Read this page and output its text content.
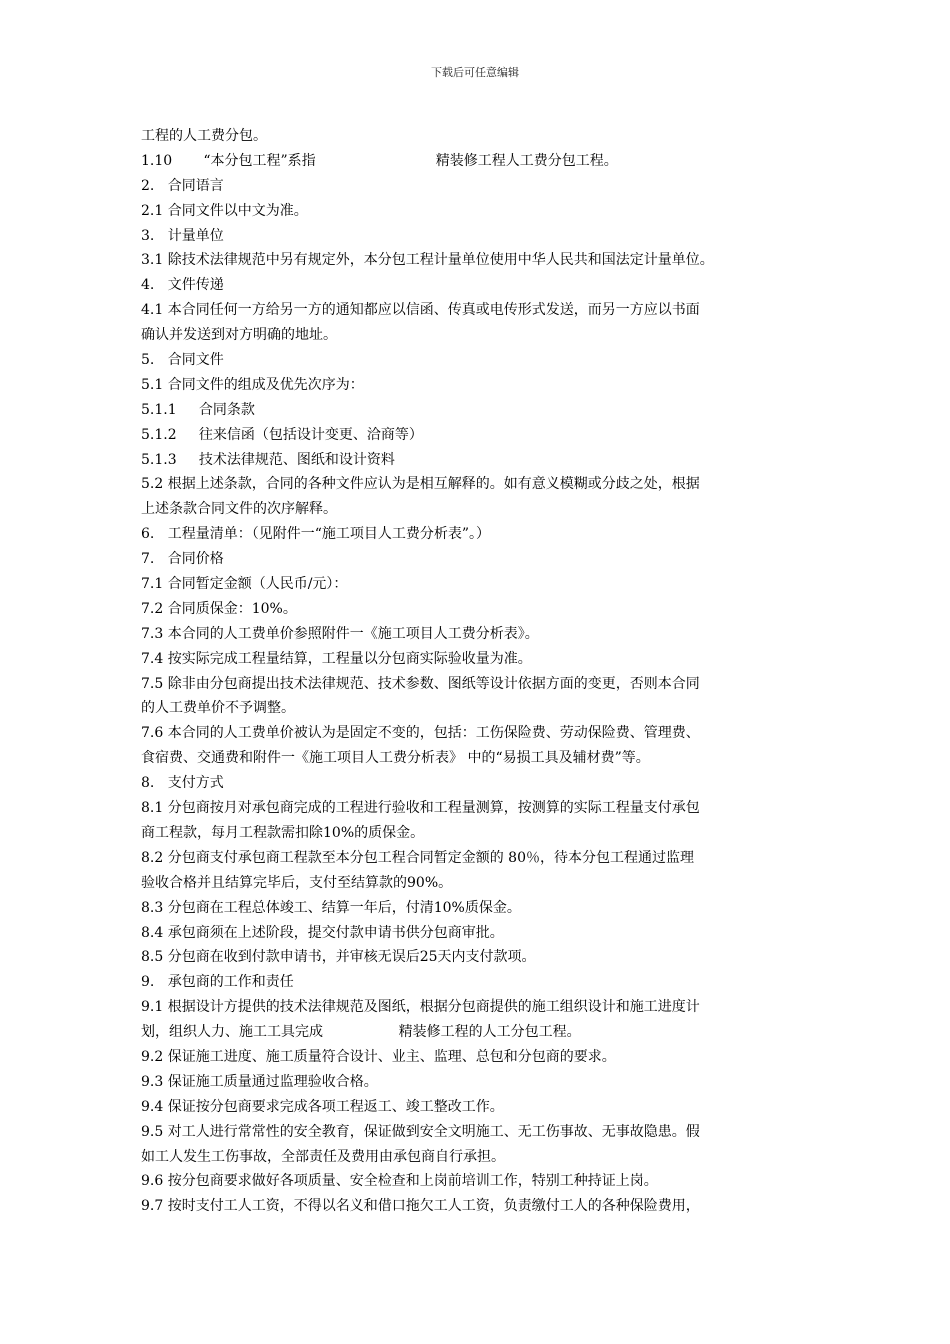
下载后可任意编辑
工程的人工费分包。
1.10       “本分包工程”系指                           精装修工程人工费分包工程。
2.   合同语言
2.1 合同文件以中文为准。
3.   计量单位
3.1 除技术法律规范中另有规定外，本分包工程计量单位使用中华人民共和国法定计量单位。
4.   文件传递
4.1 本合同任何一方给另一方的通知都应以信函、传真或电传形式发送，而另一方应以书面
确认并发送到对方明确的地址。
5.   合同文件
5.1 合同文件的组成及优先次序为：
5.1.1     合同条款
5.1.2     往来信函（包括设计变更、洽商等）
5.1.3     技术法律规范、图纸和设计资料
5.2 根据上述条款，合同的各种文件应认为是相互解释的。如有意义模糊或分歧之处，根据
上述条款合同文件的次序解释。
6.   工程量清单：（见附件一“施工项目人工费分析表”。）
7.   合同价格
7.1 合同暂定金额（人民币/元）：
7.2 合同质保金：10%。
7.3 本合同的人工费单价参照附件一《施工项目人工费分析表》。
7.4 按实际完成工程量结算，工程量以分包商实际验收量为准。
7.5 除非由分包商提出技术法律规范、技术参数、图纸等设计依据方面的变更，否则本合同
的人工费单价不予调整。
7.6 本合同的人工费单价被认为是固定不变的，包括：工伤保险费、劳动保险费、管理费、
食宿费、交通费和附件一《施工项目人工费分析表》 中的“易损工具及辅材费”等。
8.   支付方式
8.1 分包商按月对承包商完成的工程进行验收和工程量测算，按测算的实际工程量支付承包
商工程款，每月工程款需扣除10%的质保金。
8.2 分包商支付承包商工程款至本分包工程合同暂定金额的 80％，待本分包工程通过监理
验收合格并且结算完毕后，支付至结算款的90%。
8.3 分包商在工程总体竣工、结算一年后，付清10%质保金。
8.4 承包商须在上述阶段，提交付款申请书供分包商审批。
8.5 分包商在收到付款申请书，并审核无误后25天内支付款项。
9.   承包商的工作和责任
9.1 根据设计方提供的技术法律规范及图纸，根据分包商提供的施工组织设计和施工进度计
划，组织人力、施工工具完成                 精装修工程的人工分包工程。
9.2 保证施工进度、施工质量符合设计、业主、监理、总包和分包商的要求。
9.3 保证施工质量通过监理验收合格。
9.4 保证按分包商要求完成各项工程返工、竣工整改工作。
9.5 对工人进行常常性的安全教育，保证做到安全文明施工、无工伤事故、无事故隐患。假
如工人发生工伤事故，全部责任及费用由承包商自行承担。
9.6 按分包商要求做好各项质量、安全检查和上岗前培训工作，特别工种持证上岗。
9.7 按时支付工人工资，不得以名义和借口拖欠工人工资，负责缴付工人的各种保险费用，
